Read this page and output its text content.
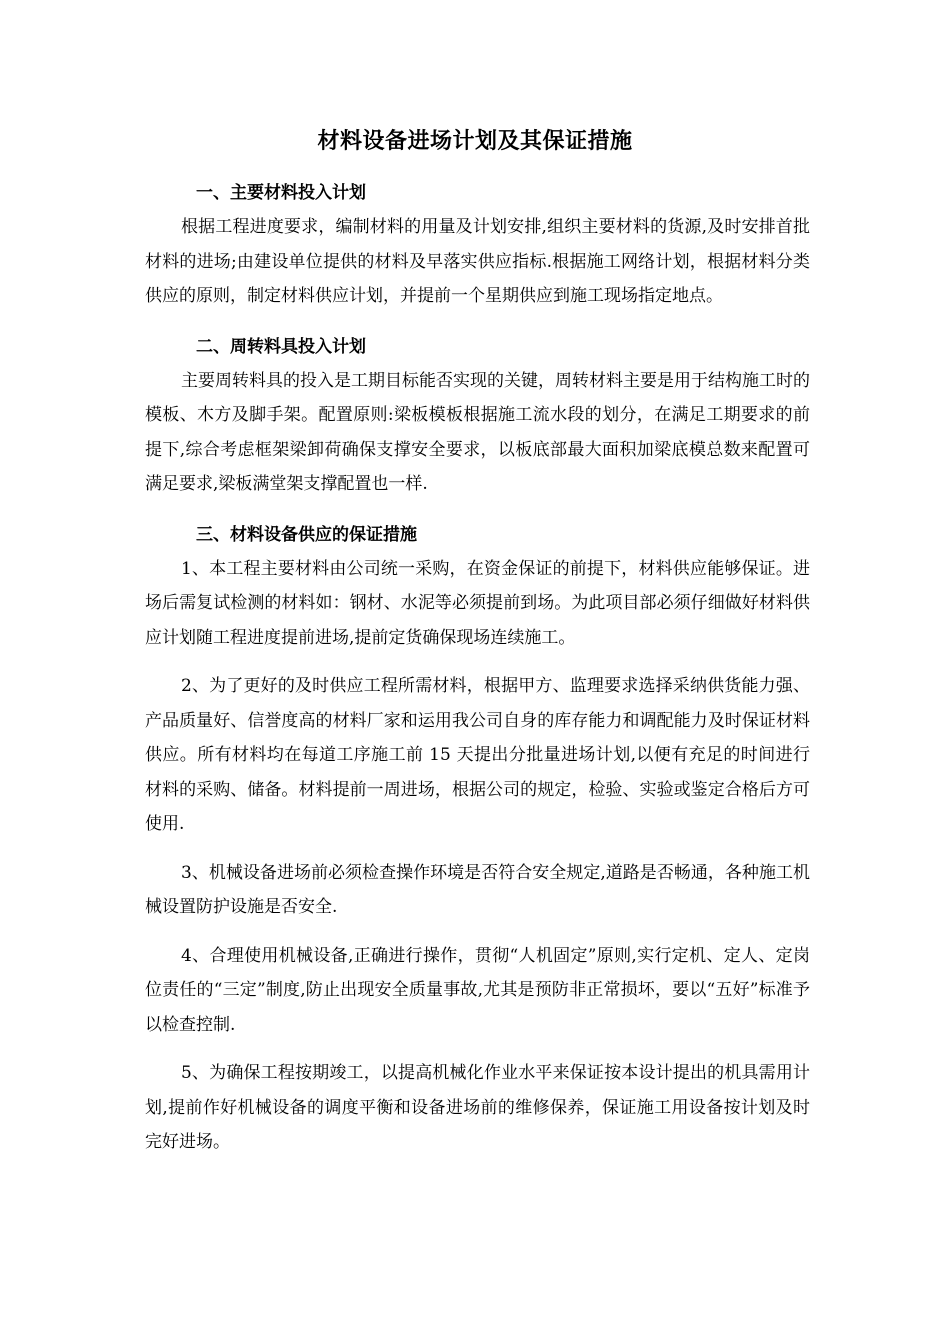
材料设备进场计划及其保证措施
一、主要材料投入计划

根据工程进度要求，编制材料的用量及计划安排,组织主要材料的货源,及时安排首批材料的进场;由建设单位提供的材料及早落实供应指标.根据施工网络计划，根据材料分类供应的原则，制定材料供应计划，并提前一个星期供应到施工现场指定地点。

二、周转料具投入计划

主要周转料具的投入是工期目标能否实现的关键，周转材料主要是用于结构施工时的模板、木方及脚手架。配置原则:梁板模板根据施工流水段的划分，在满足工期要求的前提下,综合考虑框架梁卸荷确保支撑安全要求，以板底部最大面积加梁底模总数来配置可满足要求,梁板满堂架支撑配置也一样.

三、材料设备供应的保证措施

1、本工程主要材料由公司统一采购，在资金保证的前提下，材料供应能够保证。进场后需复试检测的材料如：钢材、水泥等必须提前到场。为此项目部必须仔细做好材料供应计划随工程进度提前进场,提前定货确保现场连续施工。

2、为了更好的及时供应工程所需材料，根据甲方、监理要求选择采纳供货能力强、产品质量好、信誉度高的材料厂家和运用我公司自身的库存能力和调配能力及时保证材料供应。所有材料均在每道工序施工前 15 天提出分批量进场计划,以便有充足的时间进行材料的采购、储备。材料提前一周进场，根据公司的规定，检验、实验或鉴定合格后方可使用.

3、机械设备进场前必须检查操作环境是否符合安全规定,道路是否畅通，各种施工机械设置防护设施是否安全.

4、合理使用机械设备,正确进行操作，贯彻“人机固定”原则,实行定机、定人、定岗位责任的“三定”制度,防止出现安全质量事故,尤其是预防非正常损坏，要以“五好”标准予以检查控制.

5、为确保工程按期竣工，以提高机械化作业水平来保证按本设计提出的机具需用计划,提前作好机械设备的调度平衡和设备进场前的维修保养，保证施工用设备按计划及时完好进场。
